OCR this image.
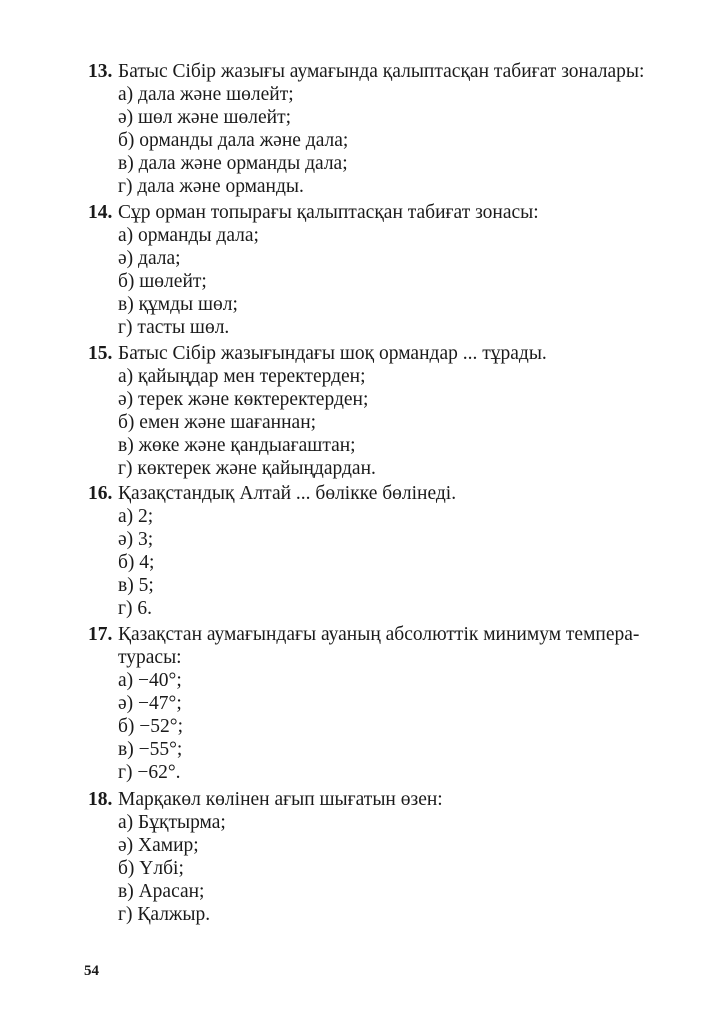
13. Батыс Сібір жазығы аумағында қалыптасқан табиғат зоналары:
а) дала және шөлейт;
ә) шөл және шөлейт;
б) орманды дала және дала;
в) дала және орманды дала;
г) дала және орманды.
14. Сұр орман топырағы қалыптасқан табиғат зонасы:
а) орманды дала;
ә) дала;
б) шөлейт;
в) құмды шөл;
г) тасты шөл.
15. Батыс Сібір жазығындағы шоқ ормандар ... тұрады.
а) қайыңдар мен теректерден;
ә) терек және көктеректерден;
б) емен және шағаннан;
в) жөке және қандыағаштан;
г) көктерек және қайыңдардан.
16. Қазақстандық Алтай ... бөлікке бөлінеді.
а) 2;
ә) 3;
б) 4;
в) 5;
г) 6.
17. Қазақстан аумағындағы ауаның абсолюттік минимум темпера-
турасы:
а) −40°;
ә) −47°;
б) −52°;
в) −55°;
г) −62°.
18. Марқакөл көлінен ағып шығатын өзен:
а) Бұқтырма;
ә) Хамир;
б) Үлбі;
в) Арасан;
г) Қалжыр.
54
